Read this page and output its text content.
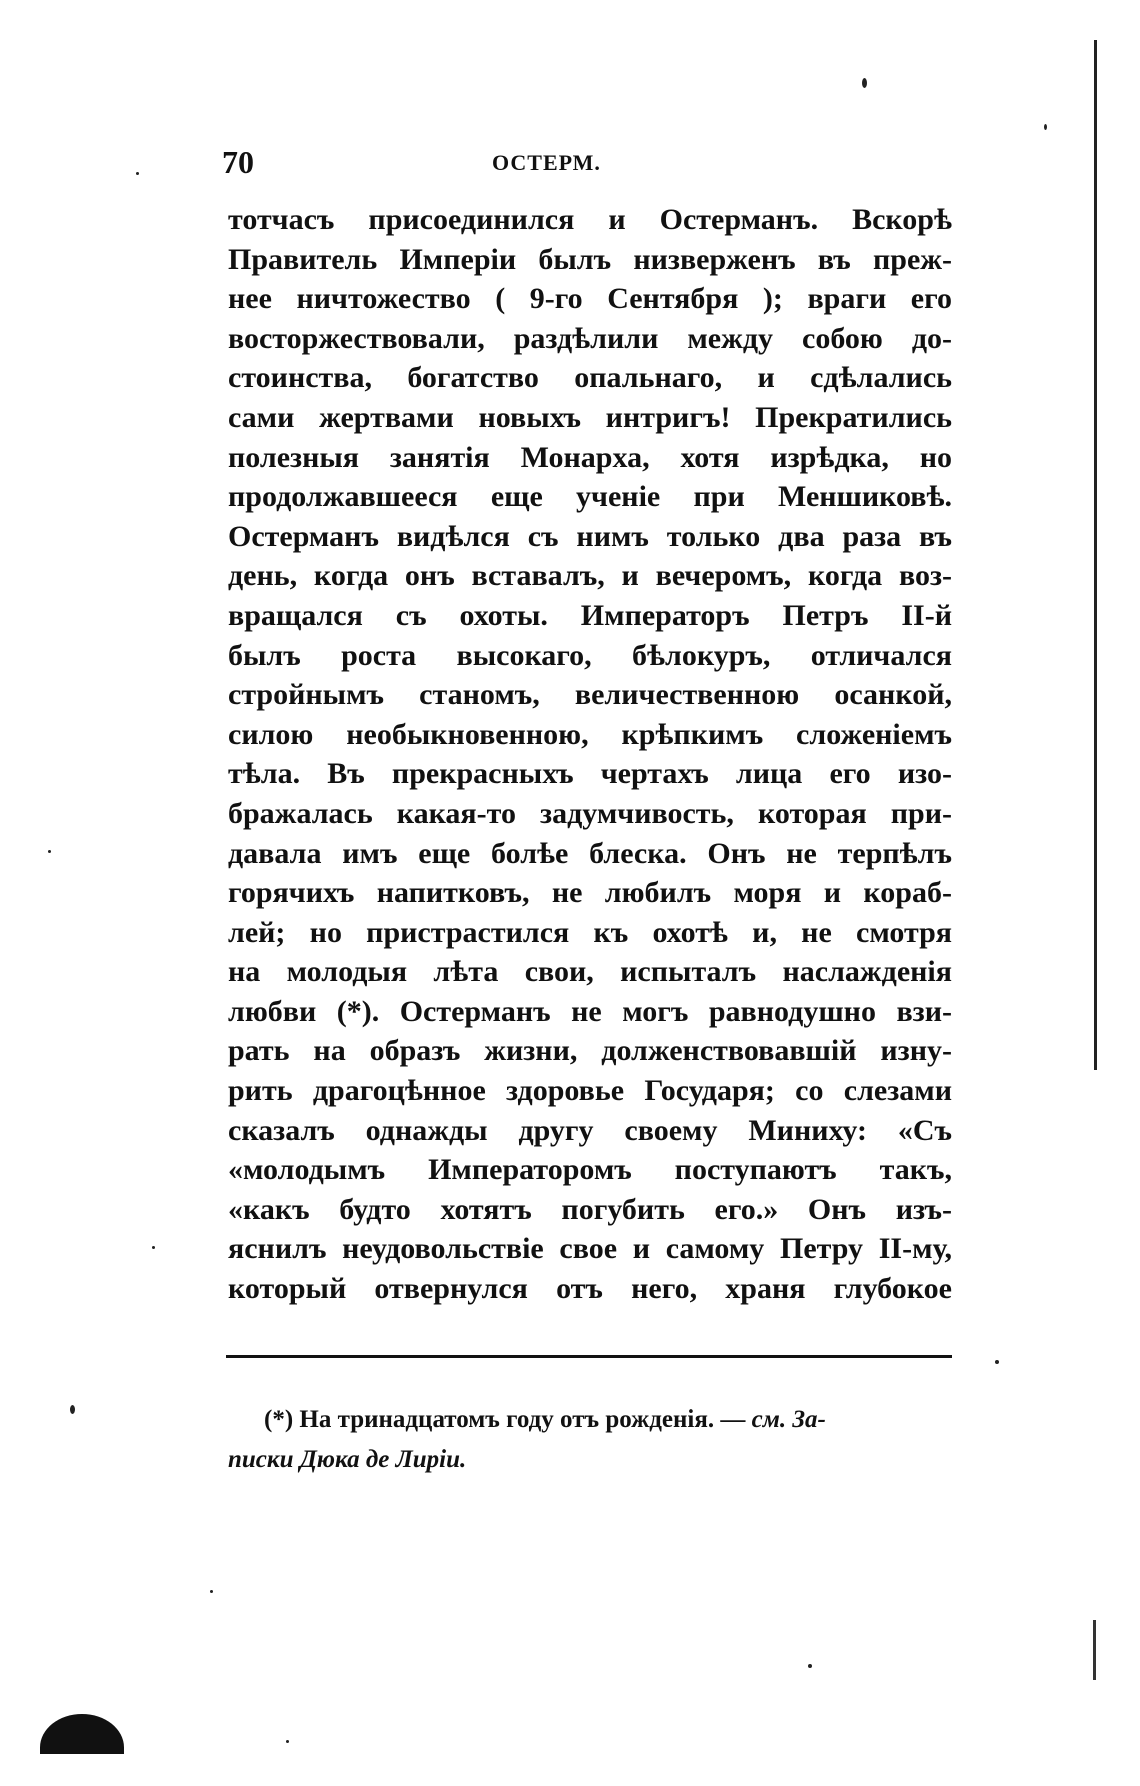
70	ОСТЕРМ.
тотчасъ присоединился и Остерманъ. Вскорѣ
Правитель Имперіи былъ низверженъ въ преж-
нее ничтожество ( 9-го Сентября ); враги его
восторжествовали, раздѣлили между собою до-
стоинства, богатство опальнаго, и сдѣлались
сами жертвами новыхъ интригъ! Прекратились
полезныя занятія Монарха, хотя изрѣдка, но
продолжавшееся еще ученіе при Меншиковѣ.
Остерманъ видѣлся съ нимъ только два раза въ
день, когда онъ вставалъ, и вечеромъ, когда воз-
вращался съ охоты. Императоръ Петръ II-й
былъ роста высокаго, бѣлокуръ, отличался
стройнымъ станомъ, величественною осанкой,
силою необыкновенною, крѣпкимъ сложеніемъ
тѣла. Въ прекрасныхъ чертахъ лица его изо-
бражалась какая-то задумчивость, которая при-
давала имъ еще болѣе блеска. Онъ не терпѣлъ
горячихъ напитковъ, не любилъ моря и кораб-
лей; но пристрастился къ охотѣ и, не смотря
на молодыя лѣта свои, испыталъ наслажденія
любви (*). Остерманъ не могъ равнодушно взи-
рать на образъ жизни, долженствовавшій изну-
рить драгоцѣнное здоровье Государя; со слезами
сказалъ однажды другу своему Миниху: «Съ
«молодымъ Императоромъ поступаютъ такъ,
«какъ будто хотятъ погубить его.» Онъ изъ-
яснилъ неудовольствіе свое и самому Петру II-му,
который отвернулся отъ него, храня глубокое
(*) На тринадцатомъ году отъ рожденія. — см. За-
писки Дюка де Лиріи.
